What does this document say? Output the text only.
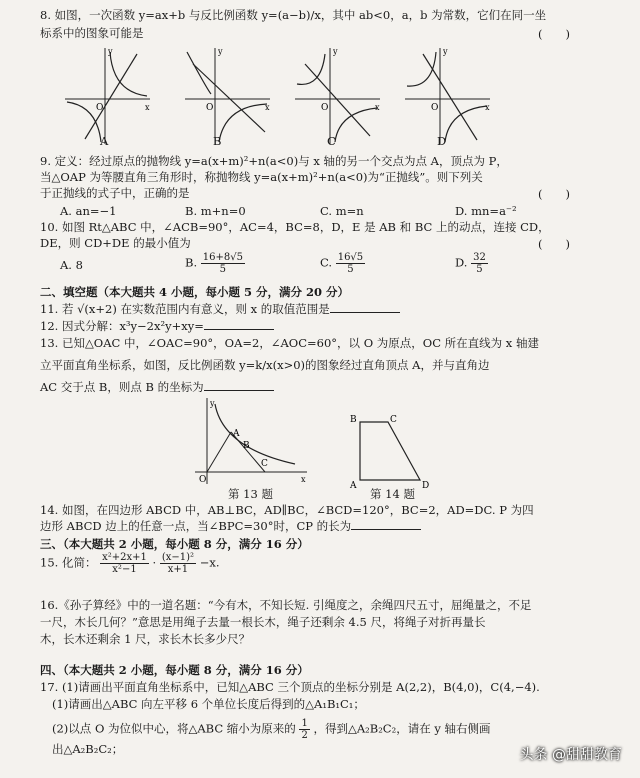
8. 如图，一次函数 y=ax+b 与反比例函数 y=(a−b)/x，其中 ab<0，a，b 为常数，它们在同一坐
标系中的图象可能是	(　　)
O	x
y
O	x
y
O	x
y
O	x
y
A	B	C	D
9. 定义：经过原点的抛物线 y=a(x+m)²+n(a<0)与 x 轴的另一个交点为点 A，顶点为 P，
当△OAP 为等腰直角三角形时，称抛物线 y=a(x+m)²+n(a<0)为“正抛线”。则下列关
于正抛线的式子中，正确的是	(　　)
A. an=−1	B. m+n=0	C. m=n	D. mn=a⁻²
10. 如图 Rt△ABC 中，∠ACB=90°，AC=4，BC=8，D，E 是 AB 和 BC 上的动点，连接 CD，
DE，则 CD+DE 的最小值为	(　　)
A. 8	B. $\frac{16+8√5}{5}$	C. $\frac{16√5}{5}$	D. $\frac{32}{5}$
二、填空题（本大题共 4 小题，每小题 5 分，满分 20 分）
11. 若 √(x+2) 在实数范围内有意义，则 x 的取值范围是
12. 因式分解：x³y−2x²y+xy=
13. 已知△OAC 中，∠OAC=90°，OA=2，∠AOC=60°，以 O 为原点，OC 所在直线为 x 轴建
立平面直角坐标系，如图，反比例函数 y=k/x(x>0)的图象经过直角顶点 A，并与直角边
AC 交于点 B，则点 B 的坐标为
A
B
C
O	x
y
B	C
A	D
第 13 题	第 14 题
14. 如图，在四边形 ABCD 中，AB⊥BC，AD∥BC，∠BCD=120°，BC=2，AD=DC. P 为四
边形 ABCD 边上的任意一点，当∠BPC=30°时，CP 的长为
三、（本大题共 2 小题，每小题 8 分，满分 16 分）
15. 化简： $\frac{\text{x²+2x+1}}{\text{x²−1}} \cdot \frac{\text{(x−1)²}}{x+1} -x$.
16.《孙子算经》中的一道名题：“今有木，不知长短. 引绳度之，余绳四尺五寸，屈绳量之，不足
一尺，木长几何？”意思是用绳子去量一根长木，绳子还剩余 4.5 尺，将绳子对折再量长
木，长木还剩余 1 尺，求长木长多少尺？
四、（本大题共 2 小题，每小题 8 分，满分 16 分）
17. (1)请画出平面直角坐标系中，已知△ABC 三个顶点的坐标分别是 A(2,2)，B(4,0)，C(4,−4).
(1)请画出△ABC 向左平移 6 个单位长度后得到的△A₁B₁C₁；
(2)以点 O 为位似中心，将△ABC 缩小为原来的 $\frac{1}{2}$ ，得到△A₂B₂C₂，请在 y 轴右侧画
出△A₂B₂C₂；	头条 @甜甜教育
